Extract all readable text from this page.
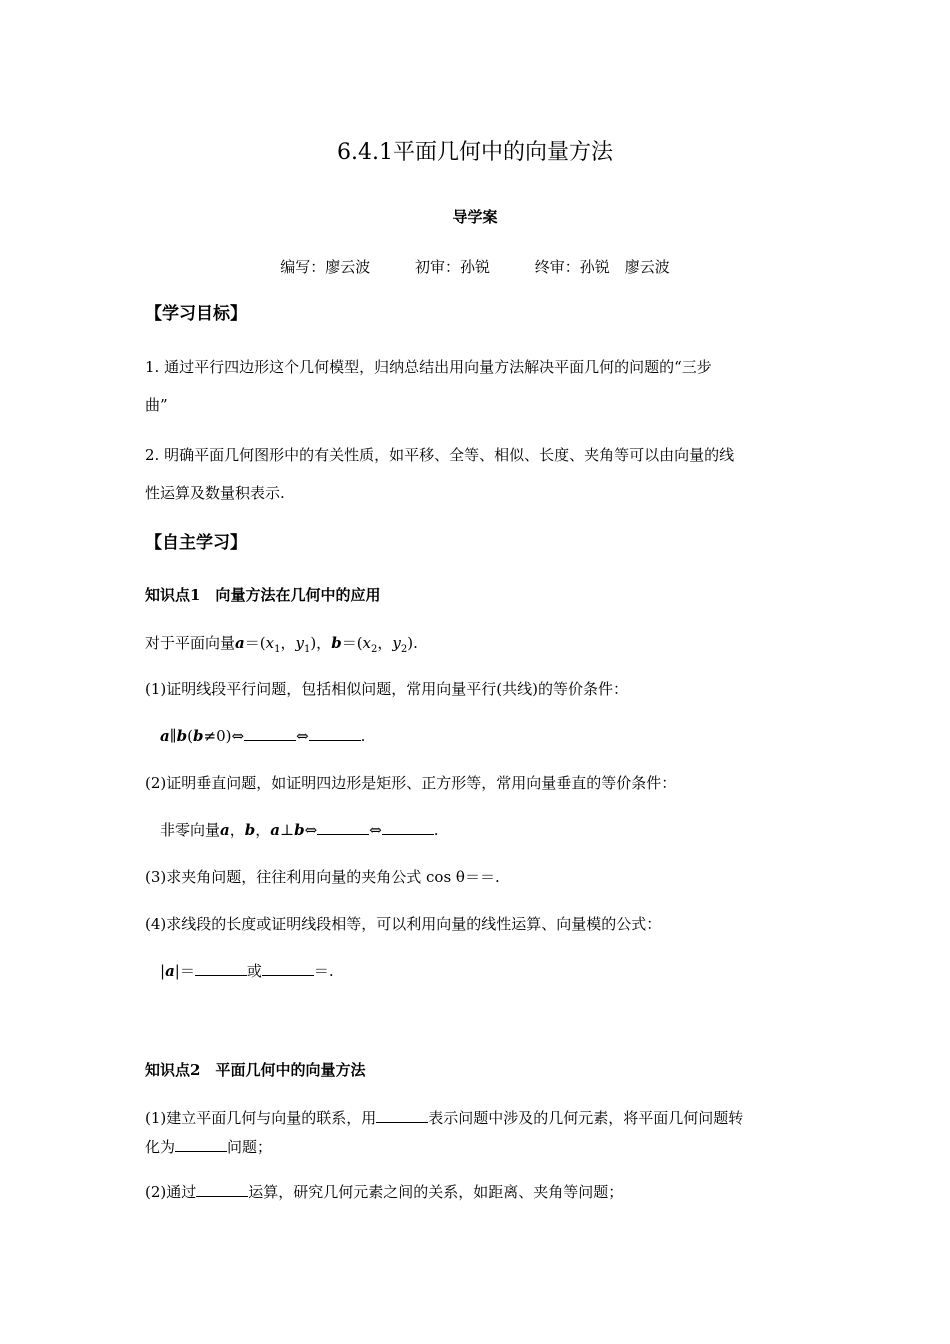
6.4.1平面几何中的向量方法
导学案
编写：廖云波	初审：孙锐	终审：孙锐　廖云波
【学习目标】
1. 通过平行四边形这个几何模型，归纳总结出用向量方法解决平面几何的问题的“三步
曲”
2. 明确平面几何图形中的有关性质，如平移、全等、相似、长度、夹角等可以由向量的线
性运算及数量积表示.
【自主学习】
知识点1　向量方法在几何中的应用
对于平面向量$a=(x_1$，$y_1$)，$b=(x_2$，$y_2$).
(1)证明线段平行问题，包括相似问题，常用向量平行(共线)的等价条件：
a∥b(b≠0)⇔	⇔	.
(2)证明垂直问题，如证明四边形是矩形、正方形等，常用向量垂直的等价条件：
非零向量a，b，a⊥b⇔	⇔	.
(3)求夹角问题，往往利用向量的夹角公式 cos θ＝＝.
(4)求线段的长度或证明线段相等，可以利用向量的线性运算、向量模的公式：
|a|＝	或	＝.
知识点2　平面几何中的向量方法
(1)建立平面几何与向量的联系，用	表示问题中涉及的几何元素，将平面几何问题转
化为	问题；
(2)通过	运算，研究几何元素之间的关系，如距离、夹角等问题；
